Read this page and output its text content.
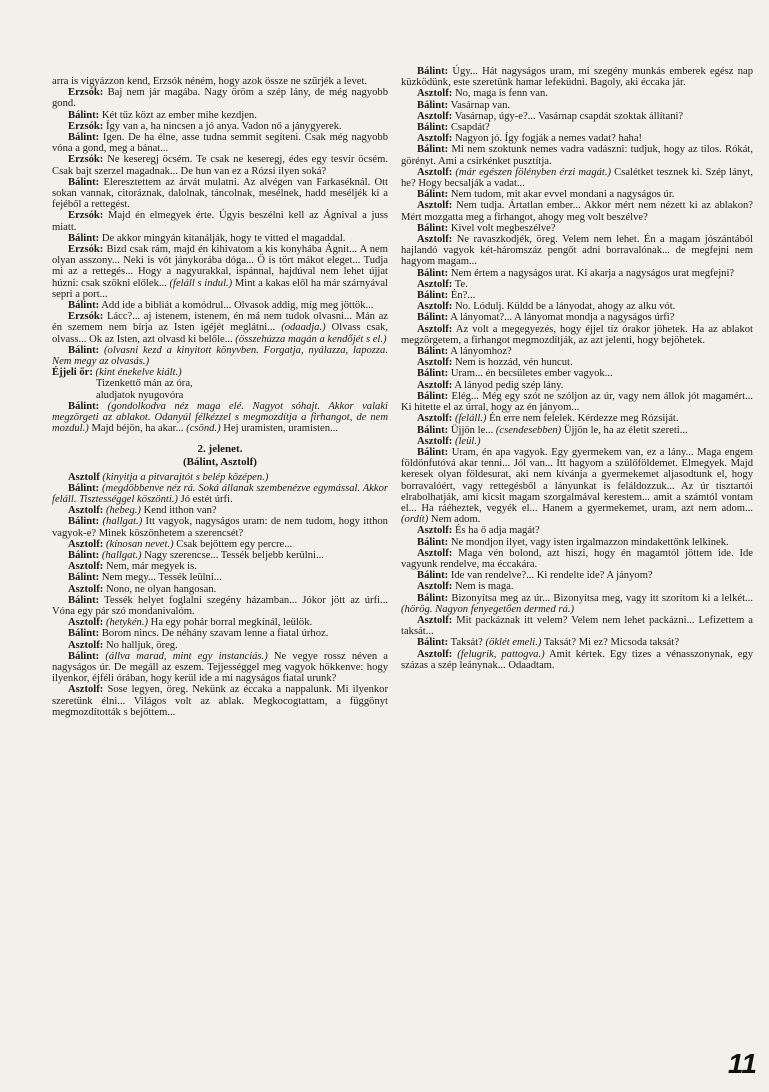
arra is vigyázzon kend, Erzsók néném, hogy azok össze ne szűrjék a levet.

Erzsók: Baj nem jár magába. Nagy öröm a szép lány, de még nagyobb gond.

Bálint: Két tűz közt az ember mihe kezdjen.

Erzsók: Így van a, ha nincsen a jó anya. Vadon nő a jánygyerek.

Bálint: Igen. De ha élne, asse tudna semmit segíteni. Csak még nagyobb vóna a gond, meg a bánat...

Erzsók: Ne keseregj öcsém. Te csak ne keseregj, édes egy tesvír öcsém. Csak bajt szerzel magadnak... De hun van ez a Rózsi ilyen soká?

Bálint: Eleresztettem az árvát mulatni. Az alvégen van Farkaséknál. Ott sokan vannak, citoráznak, dalolnak, táncolnak, mesélnek, hadd meséljék ki a fejéből a rettegést.

Erzsók: Majd én elmegyek érte. Úgyis beszélni kell az Ágnival a juss miatt.

Bálint: De akkor mingyán kitanálják, hogy te vitted el magaddal.

Erzsók: Bizd csak rám, majd én kihivatom a kis konyhába Ágnit... A nem olyan asszony... Neki is vót jánykorába dóga... Ő is tört mákot eleget... Tudja mi az a rettegés... Hogy a nagyurakkal, ispánnal, hajdúval nem lehet újjat húzni: csak szökni előlek... (feláll s indul.) Mint a kakas elől ha már szárnyával sepri a port...

Bálint: Add ide a bibliát a komódrul... Olvasok addig, míg meg jöttök...

Erzsók: Lácc?... aj istenem, istenem, én má nem tudok olvasni... Mán az én szemem nem bírja az Isten igéjét meglátni... (odaadja.) Olvass csak, olvass... Ok az Isten, azt olvasd ki belőle... (összehúzza magán a kendőjét s el.)

Bálint: (olvasni kezd a kinyitott könyvben. Forgatja, nyálazza, lapozza. Nem megy az olvasás.)

Éjjeli őr: (kint énekelve kiált.)

Tizenkettő mán az óra,

aludjatok nyugovóra

Bálint: (gondolkodva néz maga elé. Nagyot sóhajt. Akkor valaki megzörgeti az ablakot. Odanyúl félkézzel s megmozdítja a firhangot, de nem mozdul.) Majd béjön, ha akar... (csönd.) Hej uramisten, uramisten...

2. jelenet.

(Bálint, Asztolf)

Asztolf (kinyitja a pitvarajtót s belép középen.)

Bálint: (megdöbbenve néz rá. Soká állanak szembenézve egymással. Akkor feláll. Tisztességgel köszönti.) Jó estét úrfi.

Asztolf: (hebeg.) Kend itthon van?

Bálint: (hallgat.) Itt vagyok, nagyságos uram: de nem tudom, hogy itthon vagyok-e? Minek köszönhetem a szerencsét?

Asztolf: (kínosan nevet.) Csak bejöttem egy percre...

Bálint: (hallgat.) Nagy szerencse... Tessék beljebb kerülni...

Asztolf: Nem, már megyek is.

Bálint: Nem megy... Tessék leülni...

Asztolf: Nono, ne olyan hangosan.

Bálint: Tessék helyet foglalni szegény házamban... Jókor jött az úrfi... Vóna egy pár szó mondanivalóm.

Asztolf: (hetykén.) Ha egy pohár borral megkínál, leülök.

Bálint: Borom nincs. De néhány szavam lenne a fiatal úrhoz.

Asztolf: No halljuk, öreg.

Bálint: (állva marad, mint egy instanciás.) Ne vegye rossz néven a nagyságos úr. De megáll az eszem. Tejjességgel meg vagyok hökkenve: hogy ilyenkor, éjféli órában, hogy kerül ide a mi nagyságos fiatal urunk?

Asztolf: Sose legyen, öreg. Nekünk az éccaka a nappalunk. Mi ilyenkor szeretünk élni... Világos volt az ablak. Megkocogtattam, a függönyt megmozdították s bejöttem...

Bálint: Úgy... Hát nagyságos uram, mi szegény munkás emberek egész nap küzködünk, este szeretünk hamar lefeküdni. Bagoly, aki éccaka jár.

Asztolf: No, maga is fenn van.

Bálint: Vasárnap van.

Asztolf: Vasárnap, úgy-e?... Vasárnap csapdát szoktak állítani?

Bálint: Csapdát?

Asztolf: Nagyon jó. Így fogják a nemes vadat? haha!

Bálint: Mi nem szoktunk nemes vadra vadászni: tudjuk, hogy az tilos. Rókát, görényt. Ami a csirkénket pusztítja.

Asztolf: (már egészen fölényben érzi magát.) Csalétket tesznek ki. Szép lányt, he? Hogy becsalják a vadat...

Bálint: Nem tudom, mit akar evvel mondani a nagyságos úr.

Asztolf: Nem tudja. Ártatlan ember... Akkor mért nem nézett ki az ablakon? Mért mozgatta meg a firhangot, ahogy meg volt beszélve?

Bálint: Kivel volt megbeszélve?

Asztolf: Ne ravaszkodjék, öreg. Velem nem lehet. Én a magam jószántából hajlandó vagyok két-háromszáz pengőt adni borravalónak... de megfejni nem hagyom magam...

Bálint: Nem értem a nagyságos urat. Ki akarja a nagyságos urat megfejni?

Asztolf: Te.

Bálint: Én?...

Asztolf: No. Lódulj. Küldd be a lányodat, ahogy az alku vót.

Bálint: A lányomat?... A lányomat mondja a nagyságos úrfi?

Asztolf: Az volt a megegyezés, hogy éjjel tíz órakor jöhetek. Ha az ablakot megzörgetem, a firhangot megmozdítják, az azt jelenti, hogy bejöhetek.

Bálint: A lányomhoz?

Asztolf: Nem is hozzád, vén huncut.

Bálint: Uram... én becsületes ember vagyok...

Asztolf: A lányod pedig szép lány.

Bálint: Elég... Még egy szót ne szóljon az úr, vagy nem állok jót magamért... Ki hitette el az úrral, hogy az én jányom...

Asztolf: (feláll.) Én erre nem felelek. Kérdezze meg Rózsiját.

Bálint: Üjjön le... (csendesebben) Üjjön le, ha az életit szereti...

Asztolf: (leül.)

Bálint: Uram, én apa vagyok. Egy gyermekem van, ez a lány... Maga engem földönfutóvá akar tenni... Jól van... Itt hagyom a szülőföldemet. Elmegyek. Majd keresek olyan földesurat, aki nem kívánja a gyermekemet aljasodtunk el, hogy borravalóért, vagy rettegésből a lányunkat is feláldozzuk... Az úr tisztartói elrabolhatják, ami kicsit magam szorgalmával kerestem... amit a számtól vontam el... Ha ráéheztek, vegyék el... Hanem a gyermekemet, uram, azt nem adom... (ordít) Nem adom.

Asztolf: És ha ő adja magát?

Bálint: Ne mondjon ilyet, vagy isten irgalmazzon mindakettőnk lelkinek.

Asztolf: Maga vén bolond, azt hiszi, hogy én magamtól jöttem ide. Ide vagyunk rendelve, ma éccakára.

Bálint: Ide van rendelve?... Ki rendelte ide? A jányom?

Asztolf: Nem is maga.

Bálint: Bizonyítsa meg az úr... Bizonyítsa meg, vagy itt szorítom ki a lelkét... (hörög. Nagyon fenyegetően dermed rá.)

Asztolf: Mit packáznak itt velem? Velem nem lehet packázni... Lefizettem a taksát...

Bálint: Taksát? (öklét emeli.) Taksát? Mi ez? Micsoda taksát?

Asztolf: (felugrik, pattogva.) Amit kértek. Egy tizes a vénasszonynak, egy százas a szép leánynak... Odaadtam.

11
